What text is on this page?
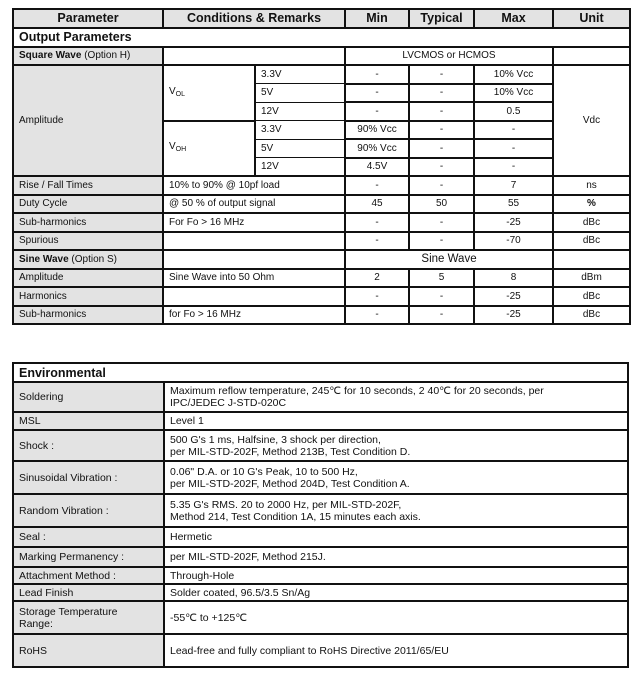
Parameter	Conditions & Remarks		Min	Typical	Max	Unit
Output Parameters						
Square Wave (Option H)			LVCMOS or HCMOS			
Amplitude	$V_{OL}$	3.3V	-	-	10% Vcc	Vdc
		5V	-	-	10% Vcc	
		12V	-	-	0.5	
	$V_{OH}$	3.3V	90% Vcc	-	-	
		5V	90% Vcc	-	-	
		12V	4.5V	-	-	
Rise / Fall Times	10% to 90% @ 10pf load		-	-	7	ns
Duty Cycle	@ 50 % of output signal		45	50	55	%
Sub-harmonics	For Fo > 16 MHz		-	-	-25	dBc
Spurious			-	-	-70	dBc
Sine Wave (Option S)			Sine Wave			
Amplitude	Sine Wave into 50 Ohm		2	5	8	dBm
Harmonics			-	-	-25	dBc
Sub-harmonics	for Fo > 16 MHz		-	-	-25	dBc
Environmental	
Soldering	Maximum reflow temperature, 245℃ for 10 seconds, 2 40℃ for 20 seconds, per
IPC/JEDEC J-STD-020C

MSL	Level 1

Shock :	500 G's 1 ms, Halfsine, 3 shock per direction,
per MIL-STD-202F, Method 213B, Test Condition D.

Sinusoidal Vibration :	0.06" D.A. or 10 G's Peak, 10 to 500 Hz,
per MIL-STD-202F, Method 204D, Test Condition A.

Random Vibration :	5.35 G's RMS. 20 to 2000 Hz, per MIL-STD-202F,
Method 214, Test Condition 1A, 15 minutes each axis.

Seal :	Hermetic

Marking Permanency :	per MIL-STD-202F, Method 215J.

Attachment Method :	Through-Hole

Lead Finish	Solder coated, 96.5/3.5 Sn/Ag

Storage Temperature
Range:	-55℃ to +125℃

RoHS	Lead-free and fully compliant to RoHS Directive 2011/65/EU
